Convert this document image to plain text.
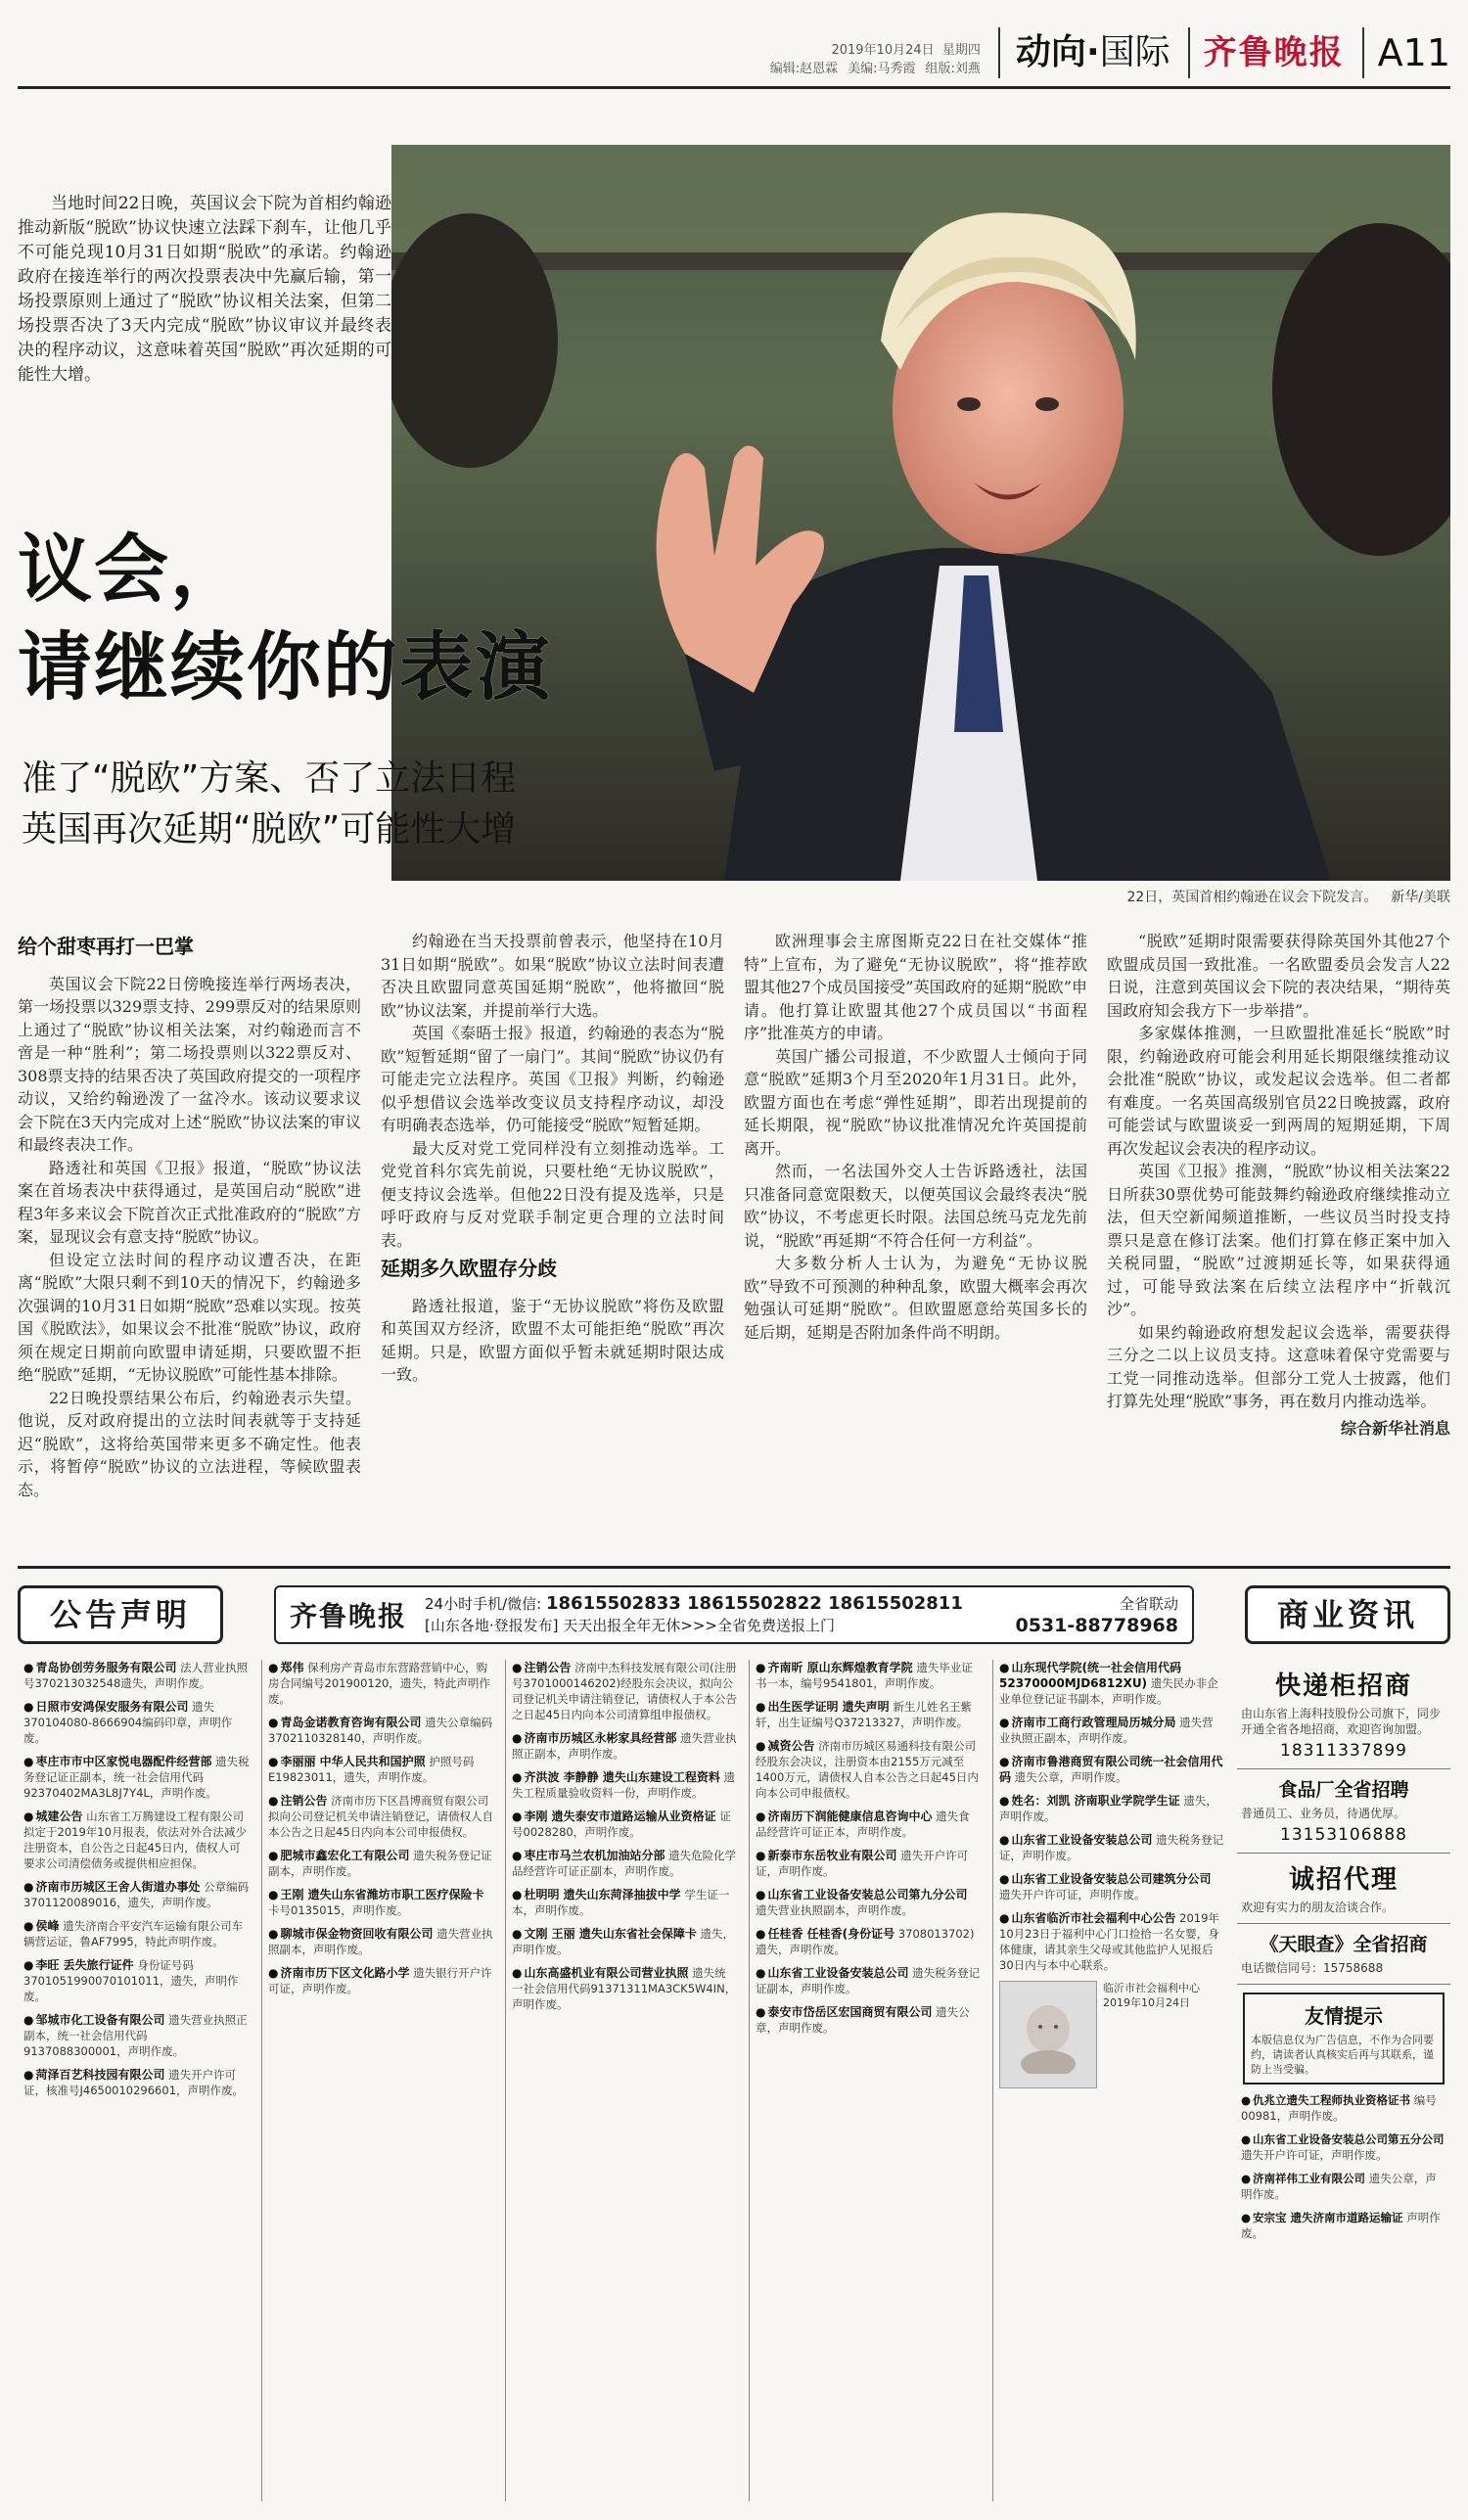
2019年10月24日 星期四
编辑:赵恩霖 美编:马秀霞 组版:刘燕	动向·国际	齐鲁晚报 A11
当地时间22日晚，英国议会下院为首相约翰逊推动新版“脱欧”协议快速立法踩下刹车，让他几乎不可能兑现10月31日如期“脱欧”的承诺。约翰逊政府在接连举行的两次投票表决中先赢后输，第一场投票原则上通过了“脱欧”协议相关法案，但第二场投票否决了3天内完成“脱欧”协议审议并最终表决的程序动议，这意味着英国“脱欧”再次延期的可能性大增。
议会，
请继续你的表演
准了“脱欧”方案、否了立法日程
英国再次延期“脱欧”可能性大增
22日，英国首相约翰逊在议会下院发言。 新华/美联
给个甜枣再打一巴掌

英国议会下院22日傍晚接连举行两场表决，第一场投票以329票支持、299票反对的结果原则上通过了“脱欧”协议相关法案，对约翰逊而言不啻是一种“胜利”；第二场投票则以322票反对、308票支持的结果否决了英国政府提交的一项程序动议，又给约翰逊泼了一盆冷水。该动议要求议会下院在3天内完成对上述“脱欧”协议法案的审议和最终表决工作。

路透社和英国《卫报》报道，“脱欧”协议法案在首场表决中获得通过，是英国启动“脱欧”进程3年多来议会下院首次正式批准政府的“脱欧”方案，显现议会有意支持“脱欧”协议。

但设定立法时间的程序动议遭否决，在距离“脱欧”大限只剩不到10天的情况下，约翰逊多次强调的10月31日如期“脱欧”恐难以实现。按英国《脱欧法》，如果议会不批准“脱欧”协议，政府须在规定日期前向欧盟申请延期，只要欧盟不拒绝“脱欧”延期，“无协议脱欧”可能性基本排除。

22日晚投票结果公布后，约翰逊表示失望。他说，反对政府提出的立法时间表就等于支持延迟“脱欧”，这将给英国带来更多不确定性。他表示，将暂停“脱欧”协议的立法进程，等候欧盟表态。

约翰逊在当天投票前曾表示，他坚持在10月31日如期“脱欧”。如果“脱欧”协议立法时间表遭否决且欧盟同意英国延期“脱欧”，他将撤回“脱欧”协议法案，并提前举行大选。

英国《泰晤士报》报道，约翰逊的表态为“脱欧”短暂延期“留了一扇门”。其间“脱欧”协议仍有可能走完立法程序。英国《卫报》判断，约翰逊似乎想借议会选举改变议员支持程序动议，却没有明确表态选举，仍可能接受“脱欧”短暂延期。

最大反对党工党同样没有立刻推动选举。工党党首科尔宾先前说，只要杜绝“无协议脱欧”，便支持议会选举。但他22日没有提及选举，只是呼吁政府与反对党联手制定更合理的立法时间表。

延期多久欧盟存分歧

路透社报道，鉴于“无协议脱欧”将伤及欧盟和英国双方经济，欧盟不太可能拒绝“脱欧”再次延期。只是，欧盟方面似乎暂未就延期时限达成一致。

欧洲理事会主席图斯克22日在社交媒体“推特”上宣布，为了避免“无协议脱欧”，将“推荐欧盟其他27个成员国接受”英国政府的延期“脱欧”申请。他打算让欧盟其他27个成员国以“书面程序”批准英方的申请。

英国广播公司报道，不少欧盟人士倾向于同意“脱欧”延期3个月至2020年1月31日。此外，欧盟方面也在考虑“弹性延期”，即若出现提前的延长期限，视“脱欧”协议批准情况允许英国提前离开。

然而，一名法国外交人士告诉路透社，法国只准备同意宽限数天，以便英国议会最终表决“脱欧”协议，不考虑更长时限。法国总统马克龙先前说，“脱欧”再延期“不符合任何一方利益”。

大多数分析人士认为，为避免“无协议脱欧”导致不可预测的种种乱象，欧盟大概率会再次勉强认可延期“脱欧”。但欧盟愿意给英国多长的延后期，延期是否附加条件尚不明朗。

“脱欧”延期时限需要获得除英国外其他27个欧盟成员国一致批准。一名欧盟委员会发言人22日说，注意到英国议会下院的表决结果，“期待英国政府知会我方下一步举措”。

多家媒体推测，一旦欧盟批准延长“脱欧”时限，约翰逊政府可能会利用延长期限继续推动议会批准“脱欧”协议，或发起议会选举。但二者都有难度。一名英国高级别官员22日晚披露，政府可能尝试与欧盟谈妥一到两周的短期延期，下周再次发起议会表决的程序动议。

英国《卫报》推测，“脱欧”协议相关法案22日所获30票优势可能鼓舞约翰逊政府继续推动立法，但天空新闻频道推断，一些议员当时投支持票只是意在修订法案。他们打算在修正案中加入关税同盟，“脱欧”过渡期延长等，如果获得通过，可能导致法案在后续立法程序中“折戟沉沙”。

如果约翰逊政府想发起议会选举，需要获得三分之二以上议员支持。这意味着保守党需要与工党一同推动选举。但部分工党人士披露，他们打算先处理“脱欧”事务，再在数月内推动选举。

综合新华社消息
公告声明	齐鲁晚报 24小时手机/微信: 18615502833 18615502822 18615502811
[山东各地·登报发布] 天天出报全年无休>>>全省免费送报上门
全省联动
0531-88778968	商业资讯
● 青岛协创劳务服务有限公司 法人营业执照号370213032548遗失，声明作废。
● 日照市安鸿保安服务有限公司 遗失370104080-8666904编码印章，声明作废。
● 枣庄市市中区家悦电器配件经营部 遗失税务登记证正副本，统一社会信用代码92370402MA3L8J7Y4L，声明作废。
● 城建公告 山东省工万腾建设工程有限公司拟定于2019年10月报表，依法对外合法减少注册资本，自公告之日起45日内，债权人可要求公司清偿债务或提供相应担保。
● 济南市历城区王舍人街道办事处 公章编码3701120089016，遗失，声明作废。
● 侯峰 遗失济南合平安汽车运输有限公司车辆营运证，鲁AF7995，特此声明作废。
● 李旺 丢失旅行证件 身份证号码3701051990070101011，遗失，声明作废。
● 邹城市化工设备有限公司 遗失营业执照正副本，统一社会信用代码9137088300001，声明作废。
● 菏泽百艺科技园有限公司 遗失开户许可证，核准号J4650010296601，声明作废。
● 郑伟 保利房产青岛市东营路营销中心，购房合同编号201900120，遗失，特此声明作废。
● 青岛金诺教育咨询有限公司 遗失公章编码3702110328140，声明作废。
● 李丽丽 中华人民共和国护照 护照号码E19823011，遗失，声明作废。
● 注销公告 济南市历下区昌博商贸有限公司拟向公司登记机关申请注销登记，请债权人自本公告之日起45日内向本公司申报债权。
● 肥城市鑫宏化工有限公司 遗失税务登记证副本，声明作废。
● 王刚 遗失山东省潍坊市职工医疗保险卡 卡号0135015，声明作废。
● 聊城市保金物资回收有限公司 遗失营业执照副本，声明作废。
● 济南市历下区文化路小学 遗失银行开户许可证，声明作废。
● 注销公告 济南中杰科技发展有限公司(注册号3701000146202)经股东会决议，拟向公司登记机关申请注销登记，请债权人于本公告之日起45日内向本公司清算组申报债权。
● 济南市历城区永彬家具经营部 遗失营业执照正副本，声明作废。
● 齐洪波 李静静 遗失山东建设工程资料 遗失工程质量验收资料一份，声明作废。
● 李刚 遗失泰安市道路运输从业资格证 证号0028280，声明作废。
● 枣庄市马兰农机加油站分部 遗失危险化学品经营许可证正副本，声明作废。
● 杜明明 遗失山东菏泽抽拔中学 学生证一本，声明作废。
● 文刚 王丽 遗失山东省社会保障卡 遗失，声明作废。
● 山东高盛机业有限公司营业执照 遗失统一社会信用代码91371311MA3CK5W4IN，声明作废。
● 齐南昕 原山东辉煌教育学院 遗失毕业证书一本，编号9541801，声明作废。
● 出生医学证明 遗失声明 新生儿姓名王紫轩，出生证编号Q37213327，声明作废。
● 减资公告 济南市历城区易通科技有限公司经股东会决议，注册资本由2155万元减至1400万元，请债权人自本公告之日起45日内向本公司申报债权。
● 济南历下润能健康信息咨询中心 遗失食品经营许可证正本，声明作废。
● 新泰市东岳牧业有限公司 遗失开户许可证，声明作废。
● 山东省工业设备安装总公司第九分公司 遗失营业执照副本，声明作废。
● 任桂香 任桂香(身份证号 3708013702)遗失，声明作废。
● 山东省工业设备安装总公司 遗失税务登记证副本，声明作废。
● 泰安市岱岳区宏国商贸有限公司 遗失公章，声明作废。
● 山东现代学院(统一社会信用代码52370000MJD6812XU) 遗失民办非企业单位登记证书副本，声明作废。
● 济南市工商行政管理局历城分局 遗失营业执照正副本，声明作废。
● 济南市鲁港商贸有限公司统一社会信用代码 遗失公章，声明作废。
● 姓名：刘凯 济南职业学院学生证 遗失，声明作废。
● 山东省工业设备安装总公司 遗失税务登记证，声明作废。
● 山东省工业设备安装总公司建筑分公司 遗失开户许可证，声明作废。
● 山东省临沂市社会福利中心公告 2019年10月23日于福利中心门口捡拾一名女婴，身体健康，请其亲生父母或其他监护人见报后30日内与本中心联系。
临沂市社会福利中心 2019年10月24日
快递柜招商
由山东省上海科技股份公司旗下，同步开通全省各地招商，欢迎咨询加盟。
18311337899
食品厂全省招聘
普通员工、业务员，待遇优厚。
13153106888
诚招代理
欢迎有实力的朋友洽谈合作。
《天眼查》全省招商
电话微信同号：15758688
友情提示
本版信息仅为广告信息，不作为合同要约，请读者认真核实后再与其联系，谨防上当受骗。
● 仇兆立遗失工程师执业资格证书 编号00981，声明作废。
● 山东省工业设备安装总公司第五分公司 遗失开户许可证，声明作废。
● 济南祥伟工业有限公司 遗失公章，声明作废。
● 安宗宝 遗失济南市道路运输证 声明作废。
